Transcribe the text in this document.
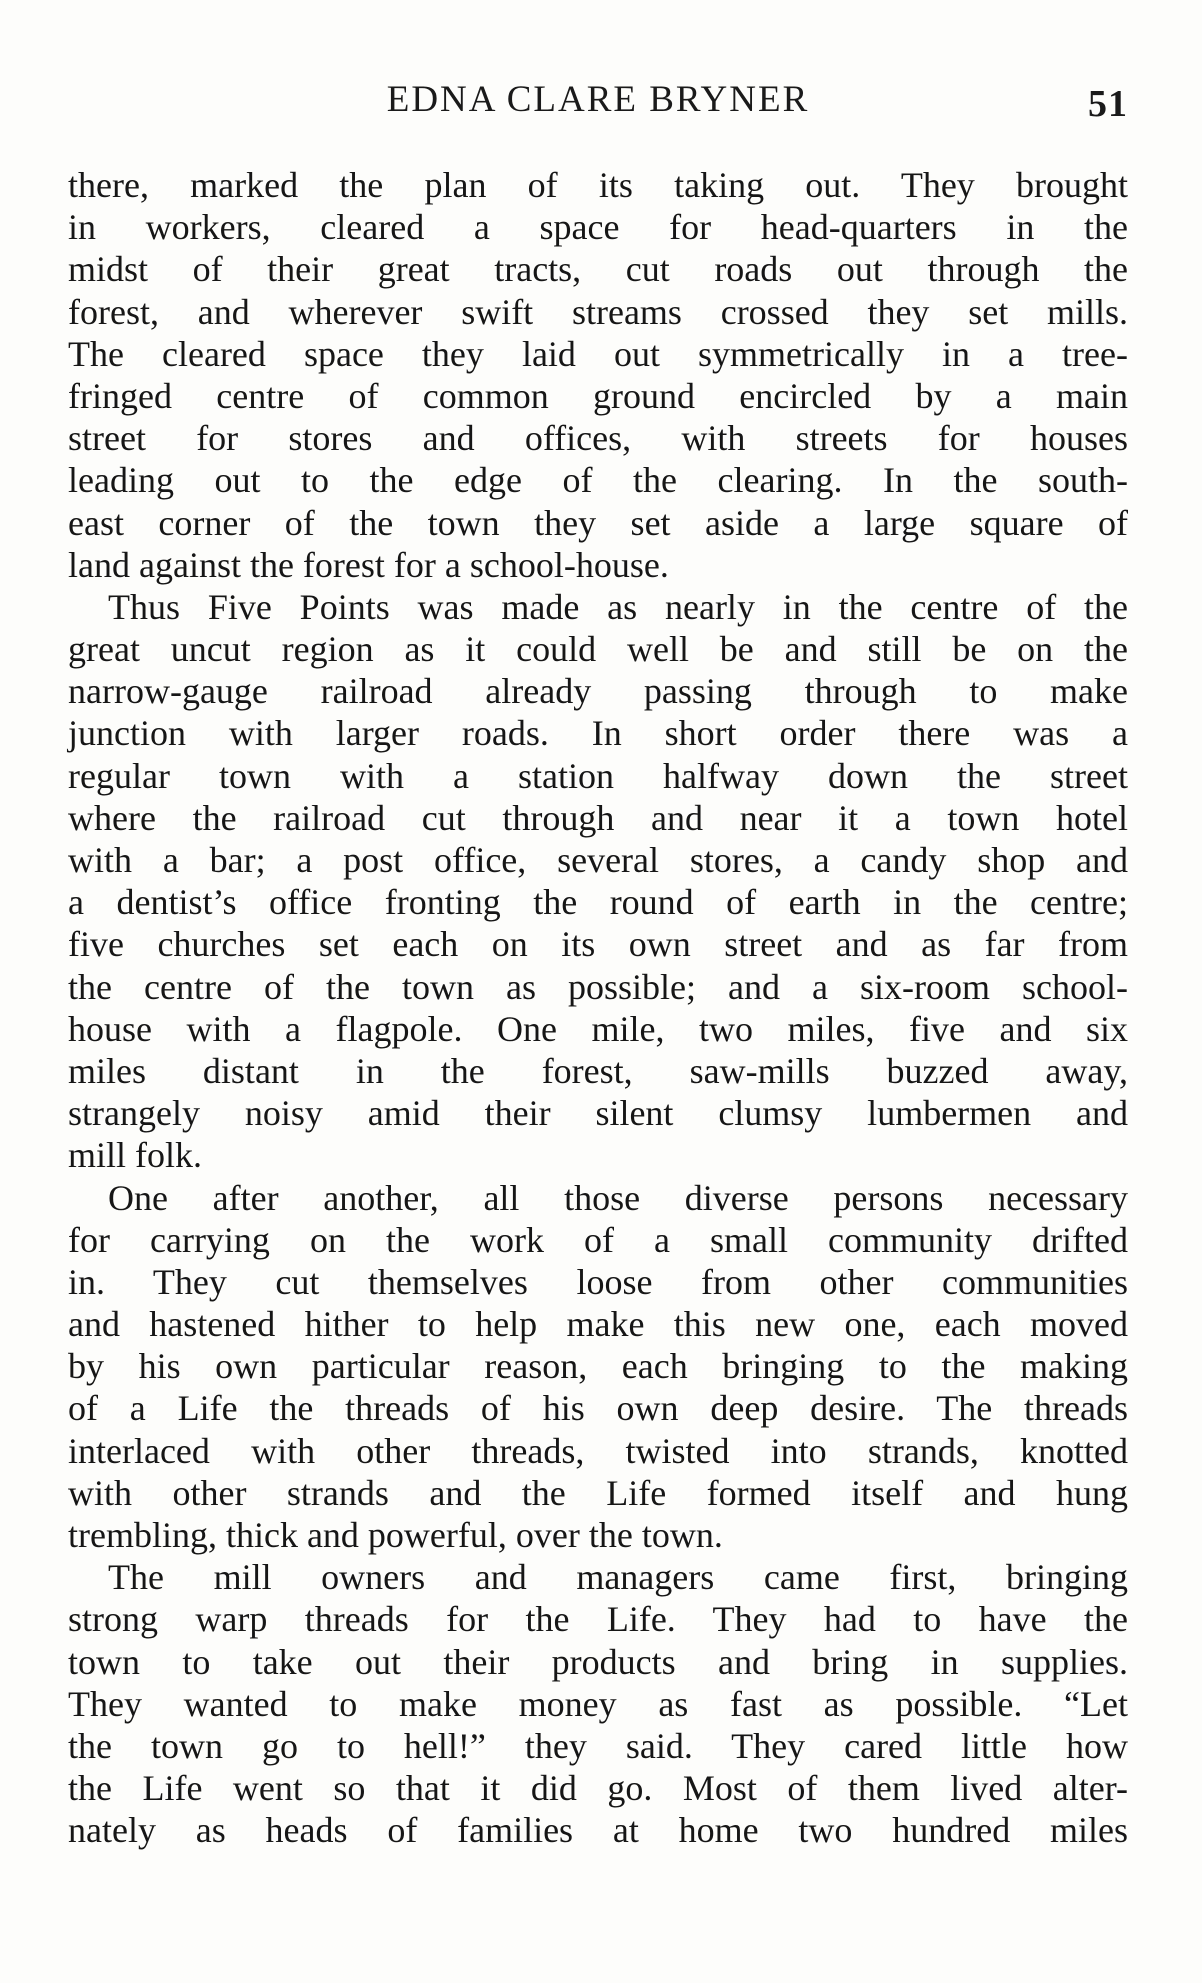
EDNA CLARE BRYNER	51
there, marked the plan of its taking out. They brought
in workers, cleared a space for head-quarters in the
midst of their great tracts, cut roads out through the
forest, and wherever swift streams crossed they set mills.
The cleared space they laid out symmetrically in a tree-
fringed centre of common ground encircled by a main
street for stores and offices, with streets for houses
leading out to the edge of the clearing. In the south-
east corner of the town they set aside a large square of
land against the forest for a school-house.
Thus Five Points was made as nearly in the centre of the
great uncut region as it could well be and still be on the
narrow-gauge railroad already passing through to make
junction with larger roads. In short order there was a
regular town with a station halfway down the street
where the railroad cut through and near it a town hotel
with a bar; a post office, several stores, a candy shop and
a dentist’s office fronting the round of earth in the centre;
five churches set each on its own street and as far from
the centre of the town as possible; and a six-room school-
house with a flagpole. One mile, two miles, five and six
miles distant in the forest, saw-mills buzzed away,
strangely noisy amid their silent clumsy lumbermen and
mill folk.
One after another, all those diverse persons necessary
for carrying on the work of a small community drifted
in. They cut themselves loose from other communities
and hastened hither to help make this new one, each moved
by his own particular reason, each bringing to the making
of a Life the threads of his own deep desire. The threads
interlaced with other threads, twisted into strands, knotted
with other strands and the Life formed itself and hung
trembling, thick and powerful, over the town.
The mill owners and managers came first, bringing
strong warp threads for the Life. They had to have the
town to take out their products and bring in supplies.
They wanted to make money as fast as possible. “Let
the town go to hell!” they said. They cared little how
the Life went so that it did go. Most of them lived alter-
nately as heads of families at home two hundred miles
